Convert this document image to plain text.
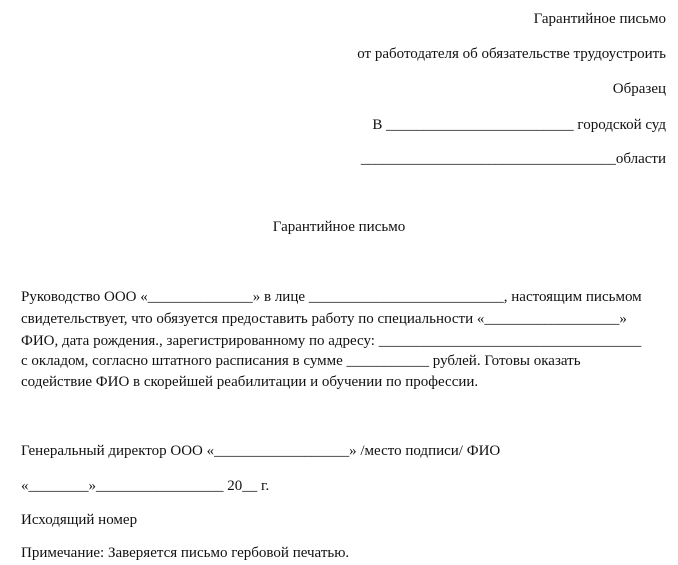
Гарантийное письмо
от работодателя об обязательстве трудоустроить
Образец
В _________________________ городской суд
__________________________________области
Гарантийное письмо
Руководство ООО «______________» в лице __________________________, настоящим письмом
свидетельствует, что обязуется предоставить работу по специальности «__________________»
ФИО, дата рождения., зарегистрированному по адресу: ___________________________________
с окладом, согласно штатного расписания в сумме ___________ рублей. Готовы оказать
содействие ФИО в скорейшей реабилитации и обучении по профессии.
Генеральный директор ООО «__________________» /место подписи/ ФИО
«________»_________________ 20__ г.
Исходящий номер
Примечание: Заверяется письмо гербовой печатью.
